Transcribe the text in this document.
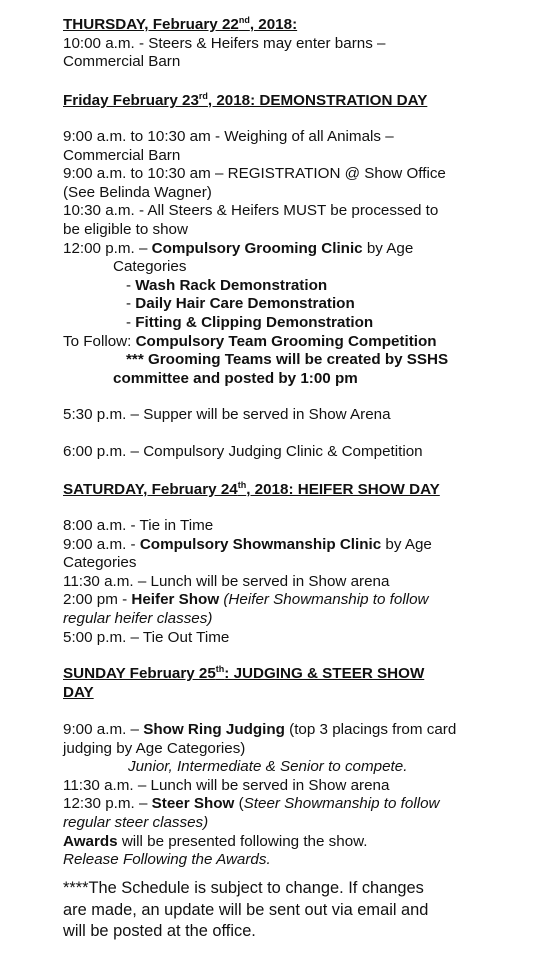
THURSDAY, February 22nd, 2018:
10:00 a.m. - Steers & Heifers may enter barns –
Commercial Barn
Friday February 23rd, 2018: DEMONSTRATION DAY
9:00 a.m. to 10:30 am - Weighing of all Animals –
Commercial Barn
9:00 a.m. to 10:30 am – REGISTRATION @ Show Office
(See Belinda Wagner)
10:30 a.m. - All Steers & Heifers MUST be processed to
be eligible to show
12:00 p.m. – Compulsory Grooming Clinic by Age
Categories
- Wash Rack Demonstration
- Daily Hair Care Demonstration
- Fitting & Clipping Demonstration
To Follow: Compulsory Team Grooming Competition
*** Grooming Teams will be created by SSHS
committee and posted by 1:00 pm
5:30 p.m. – Supper will be served in Show Arena
6:00 p.m. – Compulsory Judging Clinic & Competition
SATURDAY, February 24th, 2018: HEIFER SHOW DAY
8:00 a.m. - Tie in Time
9:00 a.m. - Compulsory Showmanship Clinic by Age
Categories
11:30 a.m. – Lunch will be served in Show arena
2:00 pm - Heifer Show (Heifer Showmanship to follow
regular heifer classes)
5:00 p.m. – Tie Out Time
SUNDAY February 25th: JUDGING & STEER SHOW
DAY
9:00 a.m. – Show Ring Judging (top 3 placings from card
judging by Age Categories)
Junior, Intermediate & Senior to compete.
11:30 a.m. – Lunch will be served in Show arena
12:30 p.m. – Steer Show (Steer Showmanship to follow
regular steer classes)
Awards will be presented following the show.
Release Following the Awards.
****The Schedule is subject to change. If changes
are made, an update will be sent out via email and
will be posted at the office.
